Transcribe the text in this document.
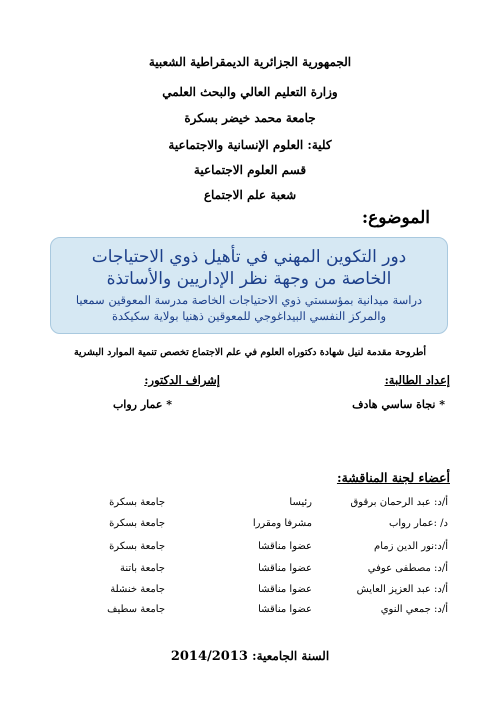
الجمهورية الجزائرية الديمقراطية الشعبية
وزارة التعليم العالي والبحث العلمي
جامعة محمد خيضر بسكرة
كلية: العلوم الإنسانية والاجتماعية
قسم العلوم الاجتماعية
شعبة علم الاجتماع
الموضوع:
دور التكوين المهني في تأهيل ذوي الاحتياجات
الخاصة من وجهة نظر الإداريين والأساتذة
دراسة ميدانية بمؤسستي ذوي الاحتياجات الخاصة مدرسة المعوقين سمعيا
والمركز النفسي البيداغوجي للمعوقين ذهنيا بولاية سكيكدة
أطروحة مقدمة لنيل شهادة دكتوراه العلوم في علم الاجتماع تخصص تنمية الموارد البشرية
إعداد الطالبة:
* نجاة ساسي هادف
إشراف الدكتور:
* عمار رواب
أعضاء لجنة المناقشة:
أ/د: عبد الرحمان برقوق
رئيسا
جامعة بسكرة
د/ :عمار رواب
مشرفا ومقررا
جامعة بسكرة
أ/د:نور الدين زمام
عضوا مناقشا
جامعة بسكرة
أ/د: مصطفى عوفي
عضوا مناقشا
جامعة باتنة
أ/د: عبد العزيز العايش
عضوا مناقشا
جامعة خنشلة
أ/د: جمعي النوي
عضوا مناقشا
جامعة سطيف
السنة الجامعية: 2014/2013
